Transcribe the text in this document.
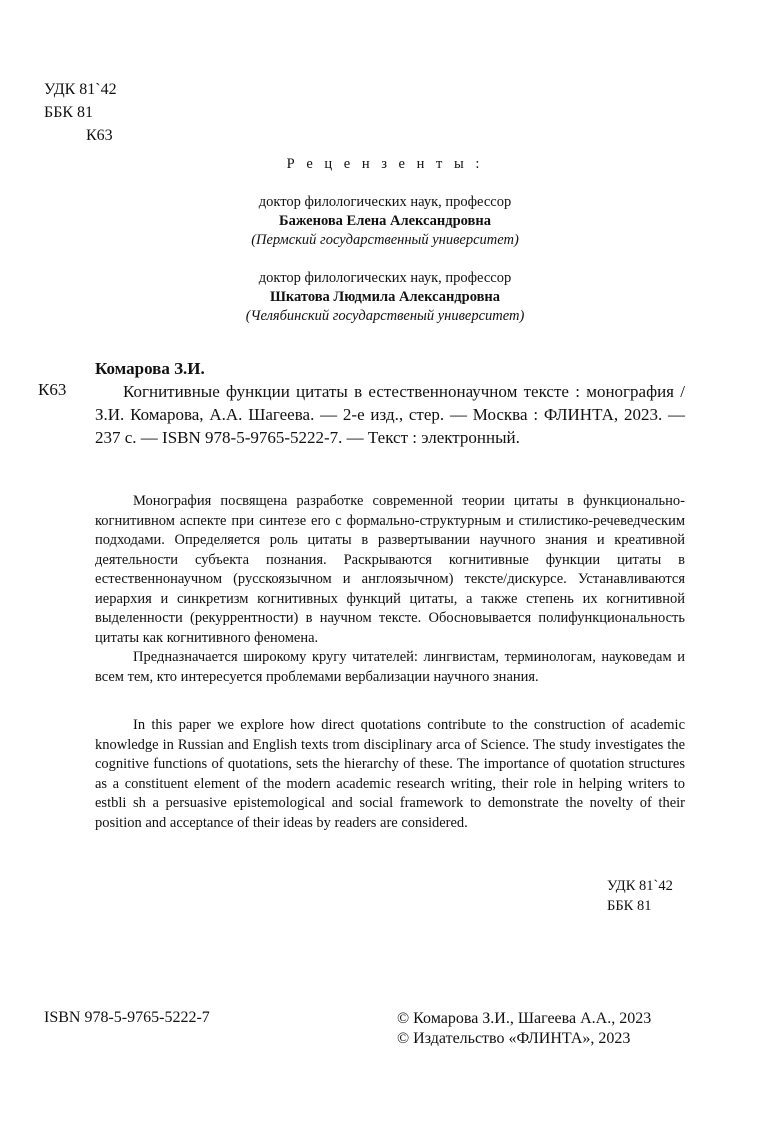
УДК 81`42
ББК 81
К63
Р е ц е н з е н т ы :
доктор филологических наук, профессор
Баженова Елена Александровна
(Пермский государственный университет)
доктор филологических наук, профессор
Шкатова Людмила Александровна
(Челябинский государственый университет)
Комарова З.И.
К63	Когнитивные функции цитаты в естественнонаучном тексте : монография / З.И. Комарова, А.А. Шагеева. — 2-е изд., стер. — Москва : ФЛИНТА, 2023. — 237 с. — ISBN 978-5-9765-5222-7. — Текст : электронный.

Монография посвящена разработке современной теории цитаты в функционально-когнитивном аспекте при синтезе его с формально-структурным и стилистико-речеведческим подходами. Определяется роль цитаты в развертывании научного знания и креативной деятельности субъекта познания. Раскрываются когнитивные функции цитаты в естественнонаучном (русскоязычном и англоязычном) тексте/дискурсе. Устанавливаются иерархия и синкретизм когнитивных функций цитаты, а также степень их когнитивной выделенности (рекуррентности) в научном тексте. Обосновывается полифункциональность цитаты как когнитивного феномена.

Предназначается широкому кругу читателей: лингвистам, терминологам, науковедам и всем тем, кто интересуется проблемами вербализации научного знания.

In this paper we explore how direct quotations contribute to the construction of academic knowledge in Russian and English texts trom disciplinary arca of Science. The study investigates the cognitive functions of quotations, sets the hierarchy of these. The importance of quotation structures as a constituent element of the modern academic research writing, their role in helping writers to estbli sh a persuasive epistemological and social framework to demonstrate the novelty of their position and acceptance of their ideas by readers are considered.

УДК 81`42
ББК 81
ISBN 978-5-9765-5222-7	© Комарова З.И., Шагеева А.А., 2023
© Издательство «ФЛИНТА», 2023
